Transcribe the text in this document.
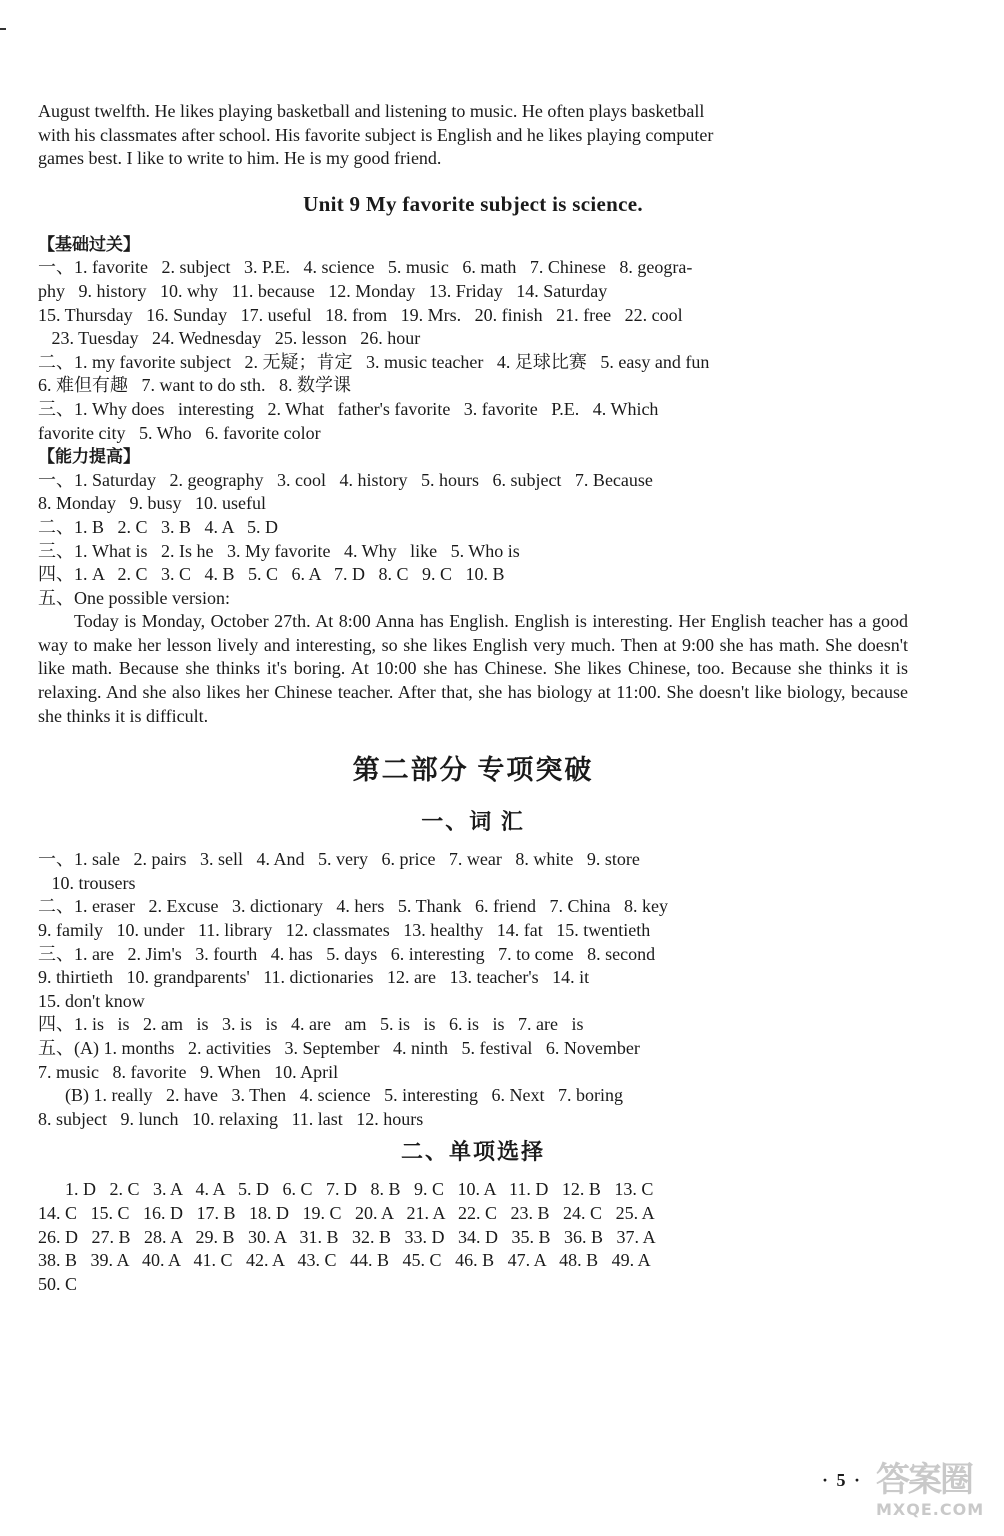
August twelfth. He likes playing basketball and listening to music. He often plays basketball
with his classmates after school. His favorite subject is English and he likes playing computer
games best. I like to write to him. He is my good friend.
Unit 9 My favorite subject is science.
【基础过关】
一、1. favorite   2. subject   3. P.E.   4. science   5. music   6. math   7. Chinese   8. geogra-
phy   9. history   10. why   11. because   12. Monday   13. Friday   14. Saturday
15. Thursday   16. Sunday   17. useful   18. from   19. Mrs.   20. finish   21. free   22. cool
23. Tuesday   24. Wednesday   25. lesson   26. hour
二、1. my favorite subject   2. 无疑；肯定   3. music teacher   4. 足球比赛   5. easy and fun
6. 难但有趣   7. want to do sth.   8. 数学课
三、1. Why does   interesting   2. What   father's favorite   3. favorite   P.E.   4. Which
favorite city   5. Who   6. favorite color
【能力提高】
一、1. Saturday   2. geography   3. cool   4. history   5. hours   6. subject   7. Because
8. Monday   9. busy   10. useful
二、1. B   2. C   3. B   4. A   5. D
三、1. What is   2. Is he   3. My favorite   4. Why   like   5. Who is
四、1. A   2. C   3. C   4. B   5. C   6. A   7. D   8. C   9. C   10. B
五、One possible version:
Today is Monday, October 27th. At 8:00 Anna has English. English is interesting. Her English teacher has a good way to make her lesson lively and interesting, so she likes English very much. Then at 9:00 she has math. She doesn't like math. Because she thinks it's boring. At 10:00 she has Chinese. She likes Chinese, too. Because she thinks it is relaxing. And she also likes her Chinese teacher. After that, she has biology at 11:00. She doesn't like biology, because she thinks it is difficult.
第二部分 专项突破
一、词 汇
一、1. sale   2. pairs   3. sell   4. And   5. very   6. price   7. wear   8. white   9. store
10. trousers
二、1. eraser   2. Excuse   3. dictionary   4. hers   5. Thank   6. friend   7. China   8. key
9. family   10. under   11. library   12. classmates   13. healthy   14. fat   15. twentieth
三、1. are   2. Jim's   3. fourth   4. has   5. days   6. interesting   7. to come   8. second
9. thirtieth   10. grandparents'   11. dictionaries   12. are   13. teacher's   14. it
15. don't know
四、1. is   is   2. am   is   3. is   is   4. are   am   5. is   is   6. is   is   7. are   is
五、(A) 1. months   2. activities   3. September   4. ninth   5. festival   6. November
7. music   8. favorite   9. When   10. April
(B) 1. really   2. have   3. Then   4. science   5. interesting   6. Next   7. boring
8. subject   9. lunch   10. relaxing   11. last   12. hours
二、单项选择
1. D   2. C   3. A   4. A   5. D   6. C   7. D   8. B   9. C   10. A   11. D   12. B   13. C
14. C   15. C   16. D   17. B   18. D   19. C   20. A   21. A   22. C   23. B   24. C   25. A
26. D   27. B   28. A   29. B   30. A   31. B   32. B   33. D   34. D   35. B   36. B   37. A
38. B   39. A   40. A   41. C   42. A   43. C   44. B   45. C   46. B   47. A   48. B   49. A
50. C
· 5 · 答案圈
MXQE.COM
